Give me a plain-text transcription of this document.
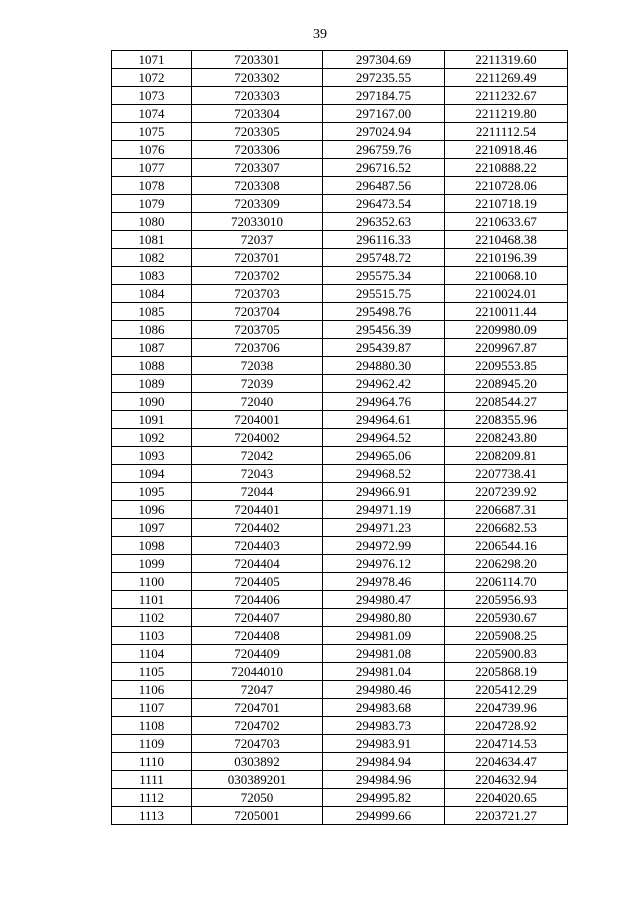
39
1071	7203301	297304.69	2211319.60
1072	7203302	297235.55	2211269.49
1073	7203303	297184.75	2211232.67
1074	7203304	297167.00	2211219.80
1075	7203305	297024.94	2211112.54
1076	7203306	296759.76	2210918.46
1077	7203307	296716.52	2210888.22
1078	7203308	296487.56	2210728.06
1079	7203309	296473.54	2210718.19
1080	72033010	296352.63	2210633.67
1081	72037	296116.33	2210468.38
1082	7203701	295748.72	2210196.39
1083	7203702	295575.34	2210068.10
1084	7203703	295515.75	2210024.01
1085	7203704	295498.76	2210011.44
1086	7203705	295456.39	2209980.09
1087	7203706	295439.87	2209967.87
1088	72038	294880.30	2209553.85
1089	72039	294962.42	2208945.20
1090	72040	294964.76	2208544.27
1091	7204001	294964.61	2208355.96
1092	7204002	294964.52	2208243.80
1093	72042	294965.06	2208209.81
1094	72043	294968.52	2207738.41
1095	72044	294966.91	2207239.92
1096	7204401	294971.19	2206687.31
1097	7204402	294971.23	2206682.53
1098	7204403	294972.99	2206544.16
1099	7204404	294976.12	2206298.20
1100	7204405	294978.46	2206114.70
1101	7204406	294980.47	2205956.93
1102	7204407	294980.80	2205930.67
1103	7204408	294981.09	2205908.25
1104	7204409	294981.08	2205900.83
1105	72044010	294981.04	2205868.19
1106	72047	294980.46	2205412.29
1107	7204701	294983.68	2204739.96
1108	7204702	294983.73	2204728.92
1109	7204703	294983.91	2204714.53
1110	0303892	294984.94	2204634.47
1111	030389201	294984.96	2204632.94
1112	72050	294995.82	2204020.65
1113	7205001	294999.66	2203721.27
